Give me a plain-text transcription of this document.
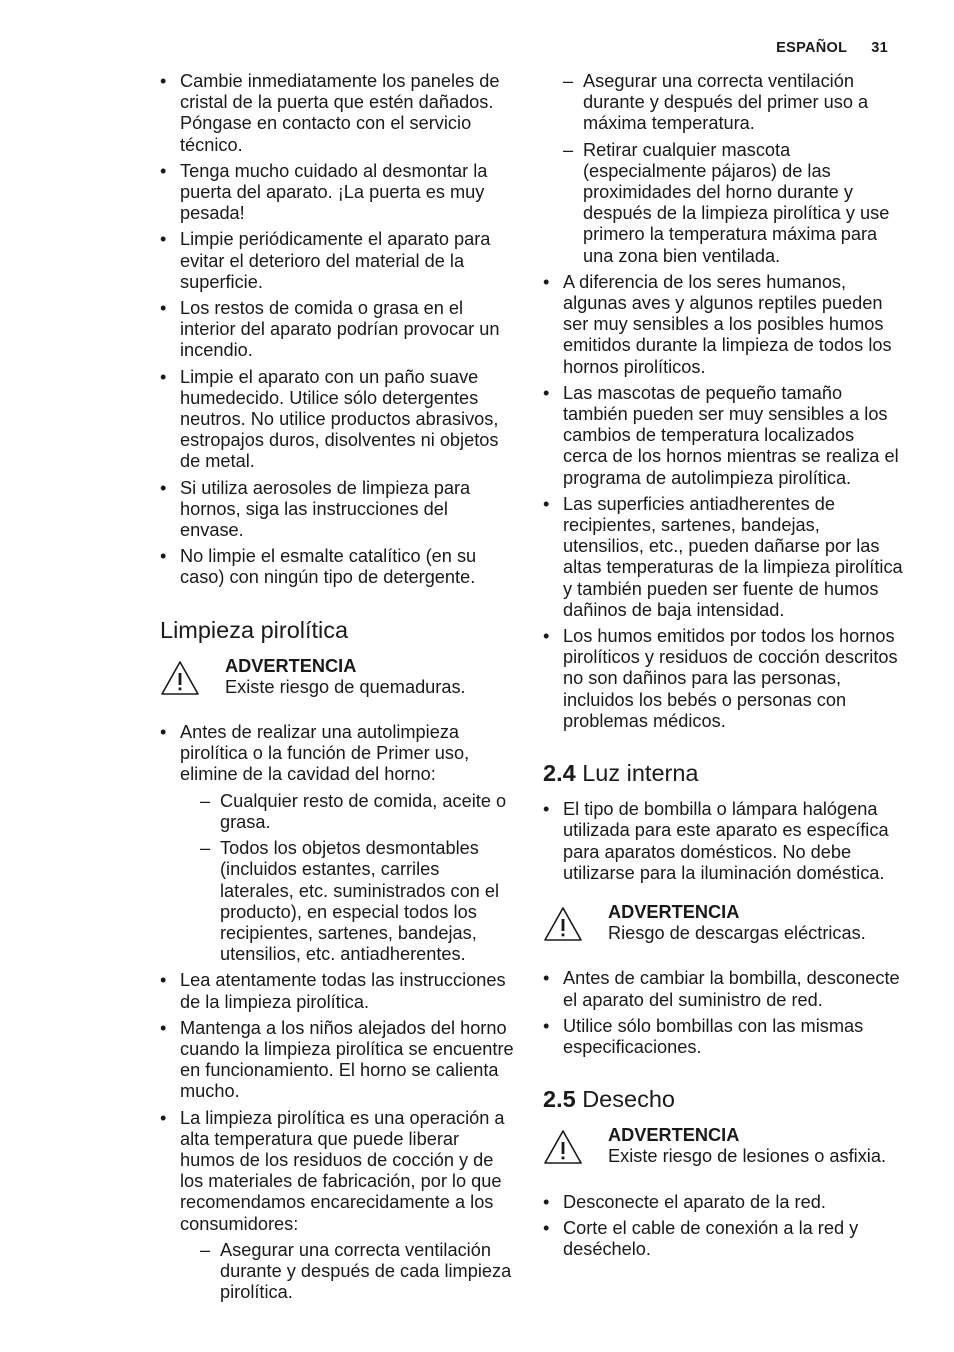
ESPAÑOL 31
• Cambie inmediatamente los paneles de cristal de la puerta que estén dañados. Póngase en contacto con el servicio técnico.
• Tenga mucho cuidado al desmontar la puerta del aparato. ¡La puerta es muy pesada!
• Limpie periódicamente el aparato para evitar el deterioro del material de la superficie.
• Los restos de comida o grasa en el interior del aparato podrían provocar un incendio.
• Limpie el aparato con un paño suave humedecido. Utilice sólo detergentes neutros. No utilice productos abrasivos, estropajos duros, disolventes ni objetos de metal.
• Si utiliza aerosoles de limpieza para hornos, siga las instrucciones del envase.
• No limpie el esmalte catalítico (en su caso) con ningún tipo de detergente.
Limpieza pirolítica
ADVERTENCIA
Existe riesgo de quemaduras.
• Antes de realizar una autolimpieza pirolítica o la función de Primer uso, elimine de la cavidad del horno:
– Cualquier resto de comida, aceite o grasa.
– Todos los objetos desmontables (incluidos estantes, carriles laterales, etc. suministrados con el producto), en especial todos los recipientes, sartenes, bandejas, utensilios, etc. antiadherentes.
• Lea atentamente todas las instrucciones de la limpieza pirolítica.
• Mantenga a los niños alejados del horno cuando la limpieza pirolítica se encuentre en funcionamiento. El horno se calienta mucho.
• La limpieza pirolítica es una operación a alta temperatura que puede liberar humos de los residuos de cocción y de los materiales de fabricación, por lo que recomendamos encarecidamente a los consumidores:
– Asegurar una correcta ventilación durante y después de cada limpieza pirolítica.
– Asegurar una correcta ventilación durante y después del primer uso a máxima temperatura.
– Retirar cualquier mascota (especialmente pájaros) de las proximidades del horno durante y después de la limpieza pirolítica y use primero la temperatura máxima para una zona bien ventilada.
• A diferencia de los seres humanos, algunas aves y algunos reptiles pueden ser muy sensibles a los posibles humos emitidos durante la limpieza de todos los hornos pirolíticos.
• Las mascotas de pequeño tamaño también pueden ser muy sensibles a los cambios de temperatura localizados cerca de los hornos mientras se realiza el programa de autolimpieza pirolítica.
• Las superficies antiadherentes de recipientes, sartenes, bandejas, utensilios, etc., pueden dañarse por las altas temperaturas de la limpieza pirolítica y también pueden ser fuente de humos dañinos de baja intensidad.
• Los humos emitidos por todos los hornos pirolíticos y residuos de cocción descritos no son dañinos para las personas, incluidos los bebés o personas con problemas médicos.
2.4 Luz interna
• El tipo de bombilla o lámpara halógena utilizada para este aparato es específica para aparatos domésticos. No debe utilizarse para la iluminación doméstica.
ADVERTENCIA
Riesgo de descargas eléctricas.
• Antes de cambiar la bombilla, desconecte el aparato del suministro de red.
• Utilice sólo bombillas con las mismas especificaciones.
2.5 Desecho
ADVERTENCIA
Existe riesgo de lesiones o asfixia.
• Desconecte el aparato de la red.
• Corte el cable de conexión a la red y deséchelo.
